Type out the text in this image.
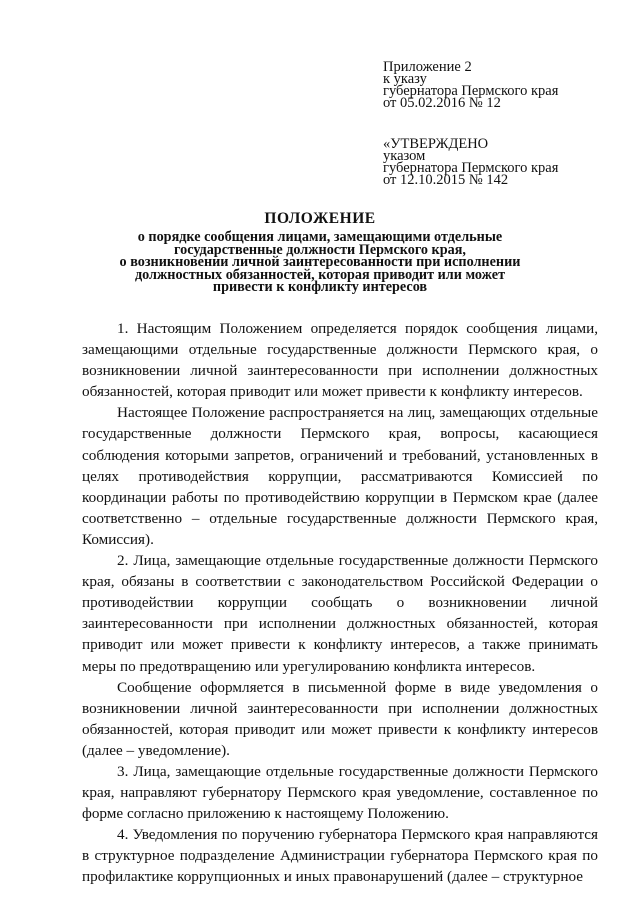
Приложение 2
к указу
губернатора Пермского края
от 05.02.2016 № 12
«УТВЕРЖДЕНО
указом
губернатора Пермского края
от 12.10.2015 № 142
ПОЛОЖЕНИЕ
о порядке сообщения лицами, замещающими отдельные
государственные должности Пермского края,
о возникновении личной заинтересованности при исполнении
должностных обязанностей, которая приводит или может
привести к конфликту интересов

1. Настоящим Положением определяется порядок сообщения лицами, замещающими отдельные государственные должности Пермского края, о возникновении личной заинтересованности при исполнении должностных обязанностей, которая приводит или может привести к конфликту интересов.

Настоящее Положение распространяется на лиц, замещающих отдельные государственные должности Пермского края, вопросы, касающиеся соблюдения которыми запретов, ограничений и требований, установленных в целях противодействия коррупции, рассматриваются Комиссией по координации работы по противодействию коррупции в Пермском крае (далее соответственно – отдельные государственные должности Пермского края, Комиссия).

2. Лица, замещающие отдельные государственные должности Пермского края, обязаны в соответствии с законодательством Российской Федерации о противодействии коррупции сообщать о возникновении личной заинтересованности при исполнении должностных обязанностей, которая приводит или может привести к конфликту интересов, а также принимать меры по предотвращению или урегулированию конфликта интересов.

Сообщение оформляется в письменной форме в виде уведомления о возникновении личной заинтересованности при исполнении должностных обязанностей, которая приводит или может привести к конфликту интересов (далее – уведомление).

3. Лица, замещающие отдельные государственные должности Пермского края, направляют губернатору Пермского края уведомление, составленное по форме согласно приложению к настоящему Положению.

4. Уведомления по поручению губернатора Пермского края направляются в структурное подразделение Администрации губернатора Пермского края по профилактике коррупционных и иных правонарушений (далее – структурное
